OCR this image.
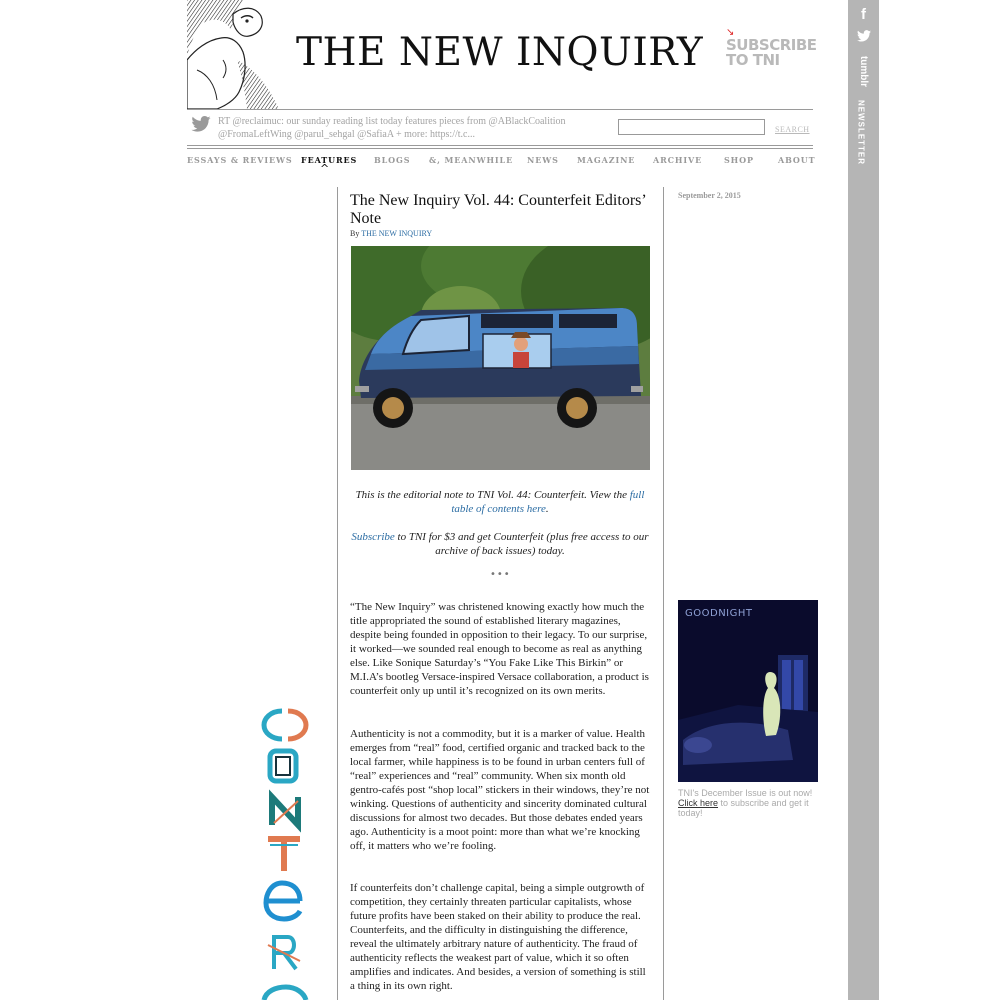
f
tumblr
NEWSLETTER
THE NEW INQUIRY ↘
SUBSCRIBE TO TNI
RT @reclaimuc: our sunday reading list today features pieces from @ABlackCoalition @FromaLeftWing @parul_sehgal @SafiaA + more: https://t.c...	SEARCH
ESSAYS & REVIEWS FEATURES BLOGS &, MEANWHILE NEWS MAGAZINE ARCHIVE	SHOP	ABOUT
^
The New Inquiry Vol. 44: Counterfeit Editors’ Note
By THE NEW INQUIRY
September 2, 2015
This is the editorial note to TNI Vol. 44: Counterfeit. View the full table of contents here.
Subscribe to TNI for $3 and get Counterfeit (plus free access to our archive of back issues) today.
•••

“The New Inquiry” was christened knowing exactly how much the title appropriated the sound of established literary magazines, despite being founded in opposition to their legacy. To our surprise, it worked—we sounded real enough to become as real as anything else. Like Sonique Saturday’s “You Fake Like This Birkin” or M.I.A’s bootleg Versace-inspired Versace collaboration, a product is counterfeit only up until it’s recognized on its own merits.

Authenticity is not a commodity, but it is a marker of value. Health emerges from “real” food, certified organic and tracked back to the local farmer, while happiness is to be found in urban centers full of “real” experiences and “real” community. When six month old gentro-cafés post “shop local” stickers in their windows, they’re not winking. Questions of authenticity and sincerity dominated cultural discussions for almost two decades. But those debates ended years ago. Authenticity is a moot point: more than what we’re knocking off, it matters who we’re fooling.

If counterfeits don’t challenge capital, being a simple outgrowth of competition, they certainly threaten particular capitalists, whose future profits have been staked on their ability to produce the real. Counterfeits, and the difficulty in distinguishing the difference, reveal the ultimately arbitrary nature of authenticity. The fraud of authenticity reflects the weakest part of value, which it so often amplifies and indicates. And besides, a version of something is still a thing in its own right.

GOODNIGHT
TNI's December Issue is out now! Click here to subscribe and get it today!
